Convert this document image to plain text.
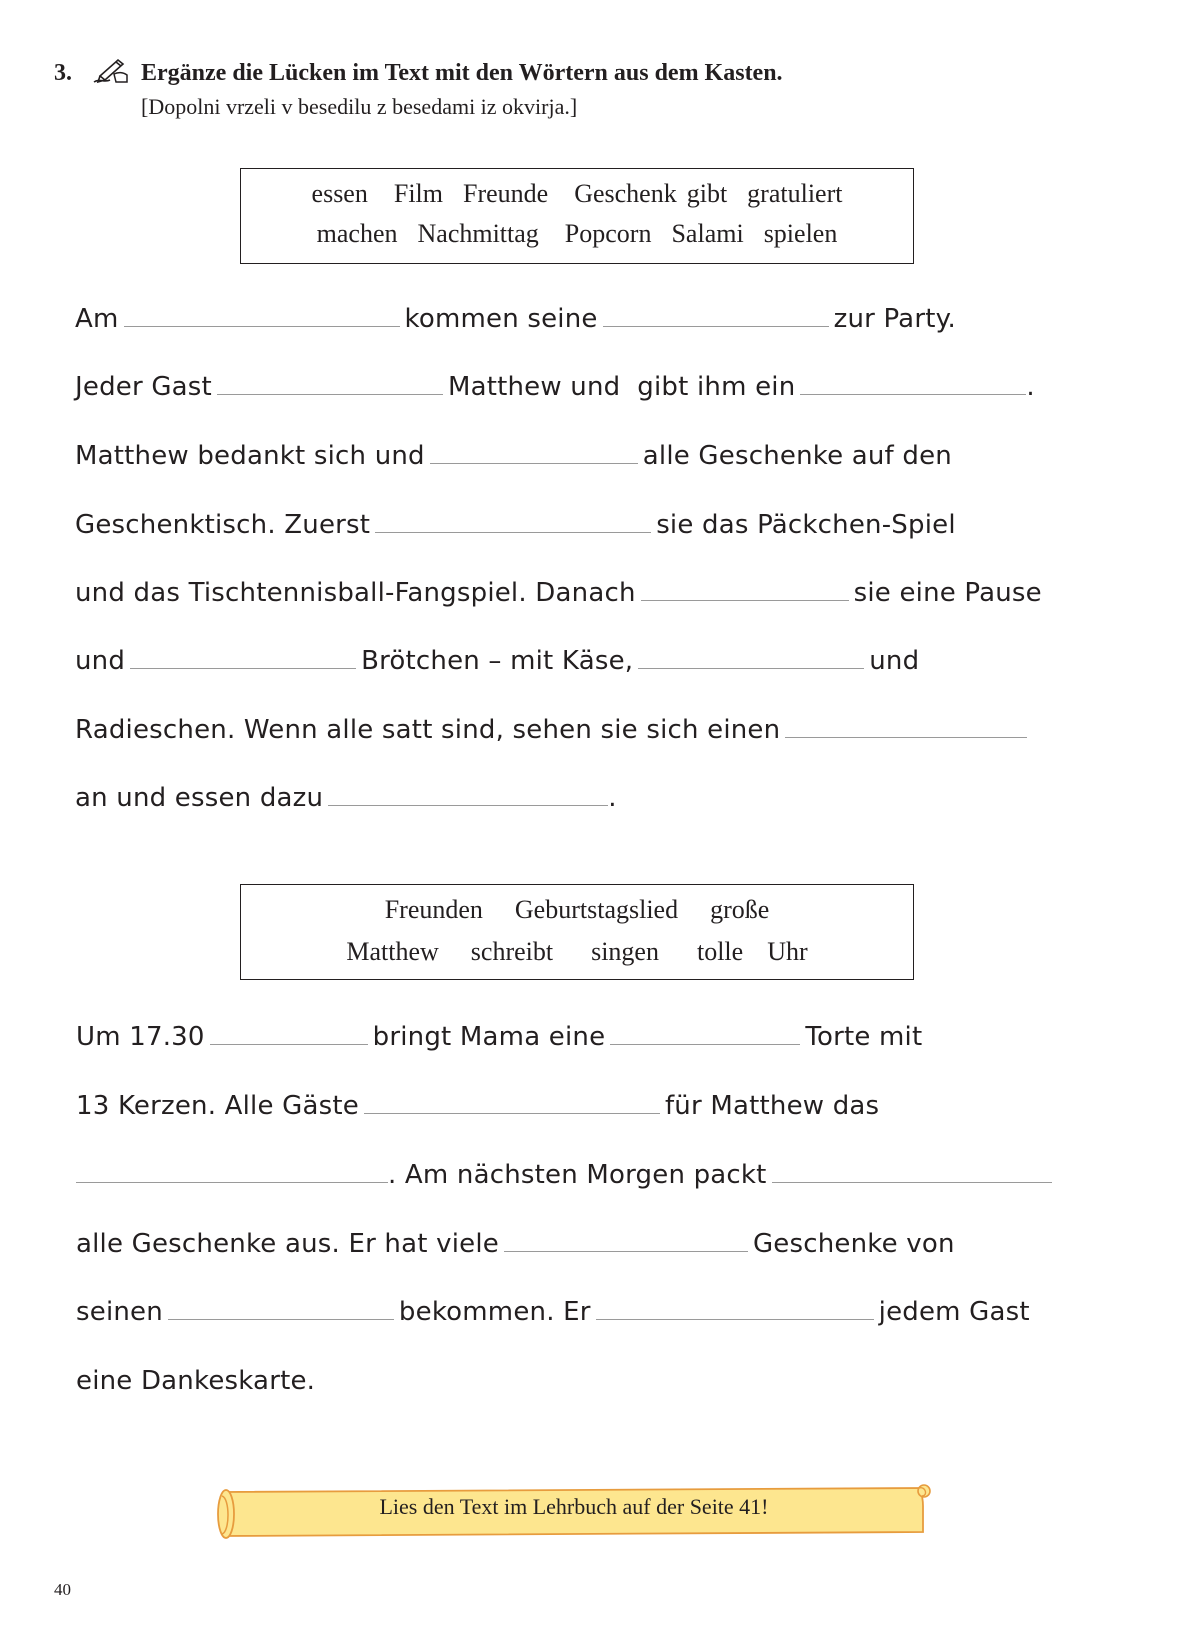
3.	Ergänze die Lücken im Text mit den Wörtern aus dem Kasten.
[Dopolni vrzeli v besedilu z besedami iz okvirja.]
essen Film Freunde Geschenk gibt gratuliert
machen Nachmittag Popcorn Salami spielen
Am	kommen seine	zur Party.
Jeder Gast	Matthew und  gibt ihm ein	.
Matthew bedankt sich und	alle Geschenke auf den
Geschenktisch. Zuerst	sie das Päckchen-Spiel
und das Tischtennisball-Fangspiel. Danach	sie eine Pause
und	Brötchen – mit Käse,	und
Radieschen. Wenn alle satt sind, sehen sie sich einen
an und essen dazu	.
Freunden Geburtstagslied große
Matthew schreibt singen tolle Uhr
Um 17.30	bringt Mama eine	Torte mit
13 Kerzen. Alle Gäste	für Matthew das
. Am nächsten Morgen packt
alle Geschenke aus. Er hat viele	Geschenke von
seinen	bekommen. Er	jedem Gast
eine Dankeskarte.
Lies den Text im Lehrbuch auf der Seite 41!
40
